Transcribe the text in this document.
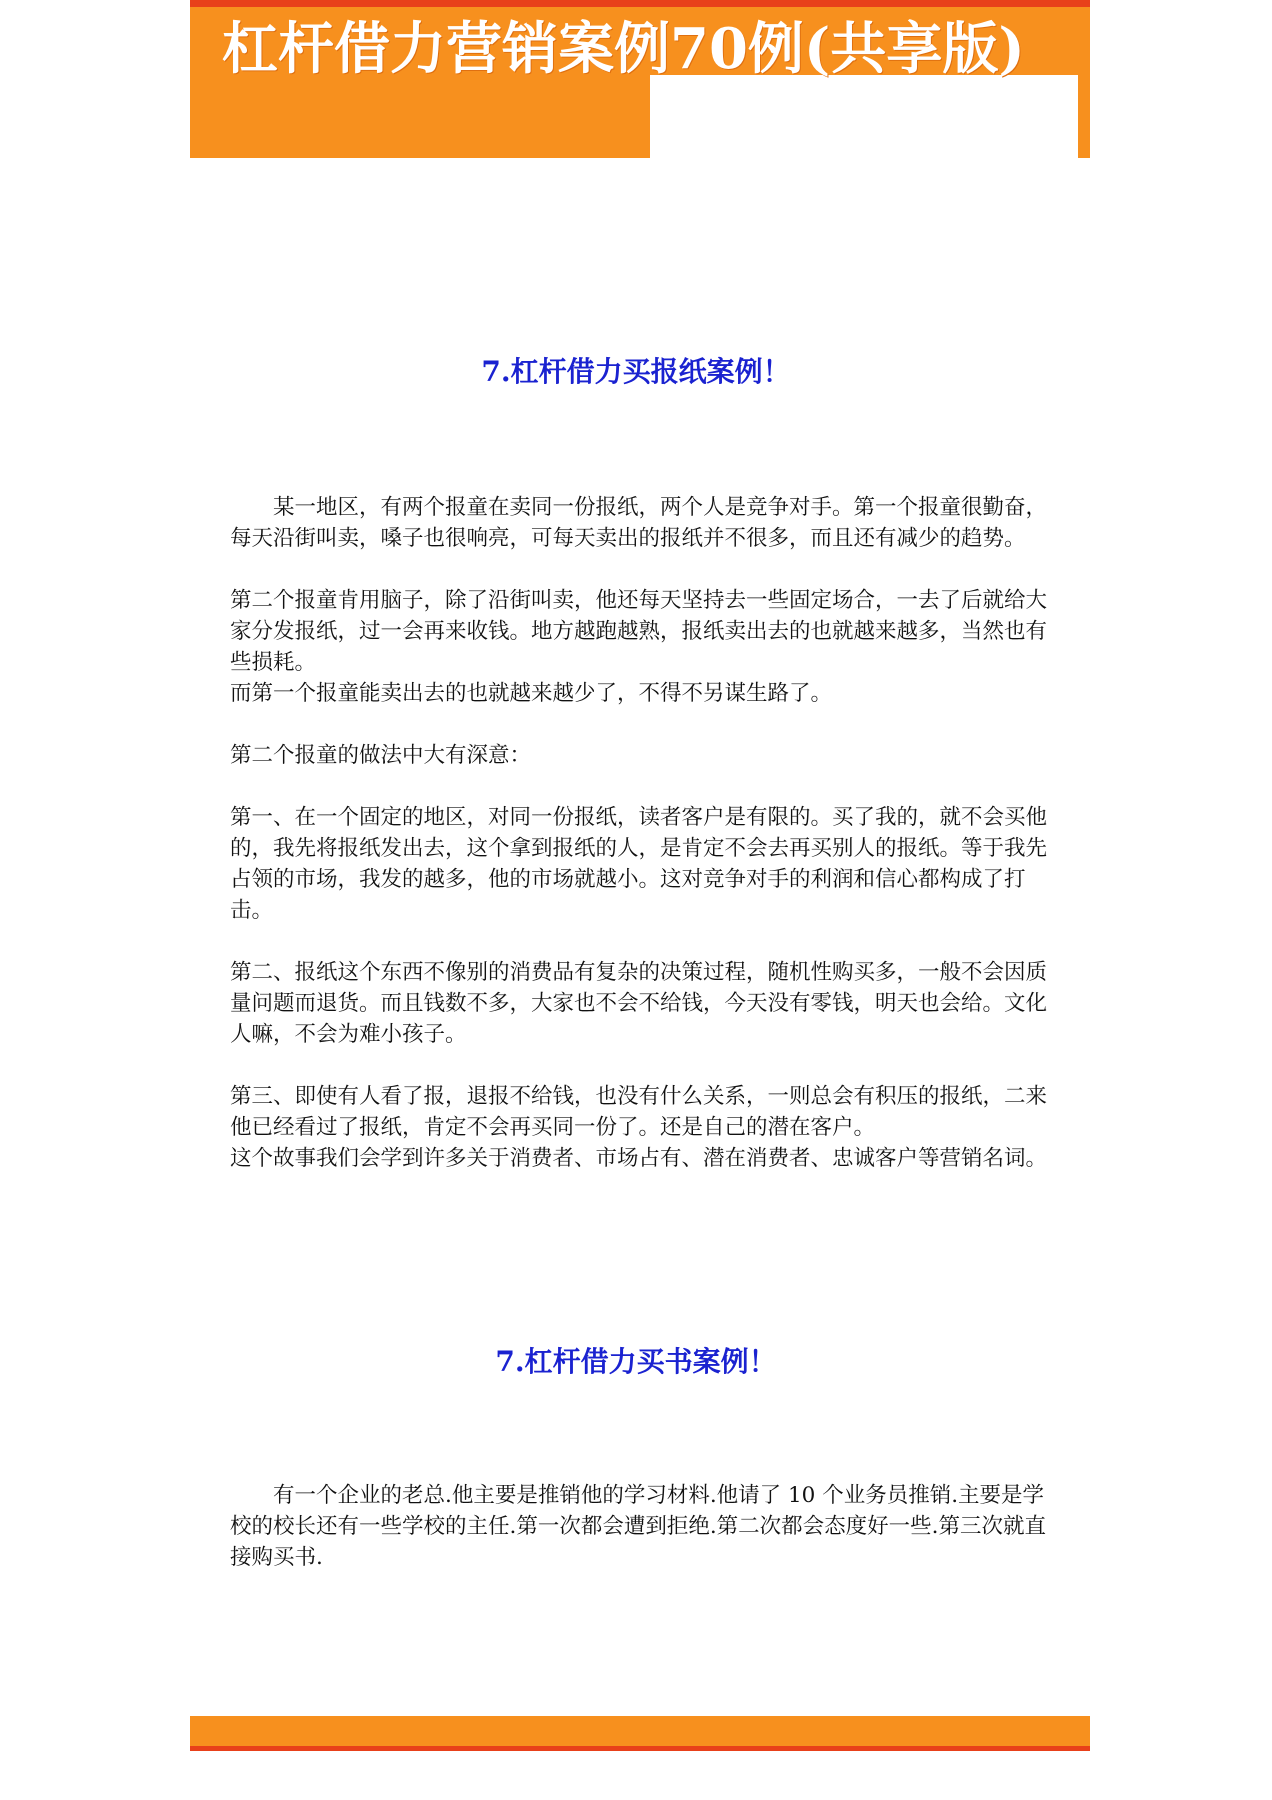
杠杆借力营销案例70例(共享版)
7.杠杆借力买报纸案例！

某一地区，有两个报童在卖同一份报纸，两个人是竞争对手。第一个报童很勤奋，每天沿街叫卖，嗓子也很响亮，可每天卖出的报纸并不很多，而且还有减少的趋势。

第二个报童肯用脑子，除了沿街叫卖，他还每天坚持去一些固定场合，一去了后就给大家分发报纸，过一会再来收钱。地方越跑越熟，报纸卖出去的也就越来越多，当然也有些损耗。

而第一个报童能卖出去的也就越来越少了，不得不另谋生路了。

第二个报童的做法中大有深意：

第一、在一个固定的地区，对同一份报纸，读者客户是有限的。买了我的，就不会买他的，我先将报纸发出去，这个拿到报纸的人，是肯定不会去再买别人的报纸。等于我先占领的市场，我发的越多，他的市场就越小。这对竞争对手的利润和信心都构成了打击。

第二、报纸这个东西不像别的消费品有复杂的决策过程，随机性购买多，一般不会因质量问题而退货。而且钱数不多，大家也不会不给钱，今天没有零钱，明天也会给。文化人嘛，不会为难小孩子。

第三、即使有人看了报，退报不给钱，也没有什么关系，一则总会有积压的报纸，二来他已经看过了报纸，肯定不会再买同一份了。还是自己的潜在客户。

这个故事我们会学到许多关于消费者、市场占有、潜在消费者、忠诚客户等营销名词。

7.杠杆借力买书案例！

有一个企业的老总.他主要是推销他的学习材料.他请了 10 个业务员推销.主要是学校的校长还有一些学校的主任.第一次都会遭到拒绝.第二次都会态度好一些.第三次就直接购买书.
